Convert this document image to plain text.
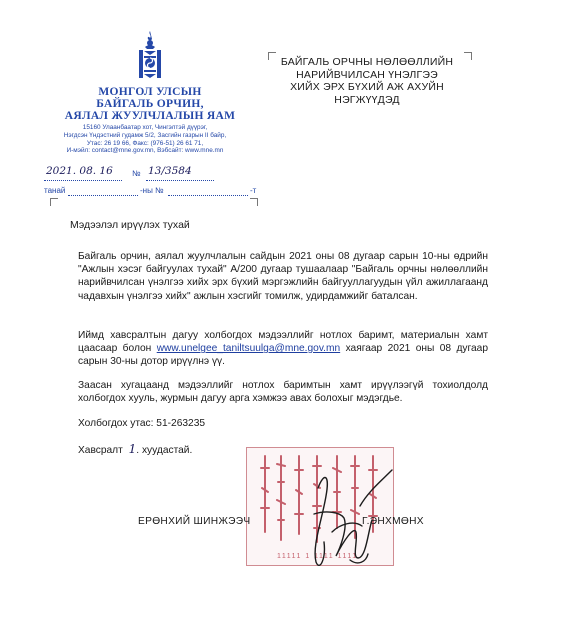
МОНГОЛ УЛСЫН
БАЙГАЛЬ ОРЧИН,
АЯЛАЛ ЖУУЛЧЛАЛЫН ЯАМ
15160 Улаанбаатар хот, Чингэлтэй дүүрэг,
Нэгдсэн Үндэстний гудамж 5/2, Засгийн газрын II байр,
Утас: 26 19 66, Факс: (976-51) 26 61 71,
И-мэйл: contact@mne.gov.mn, Вэбсайт: www.mne.mn
2021. 08. 16 № 13/3584
танай	-ны №	-т
БАЙГАЛЬ ОРЧНЫ НӨЛӨӨЛЛИЙН
НАРИЙВЧИЛСАН ҮНЭЛГЭЭ
ХИЙХ ЭРХ БҮХИЙ АЖ АХУЙН
НЭГЖҮҮДЭД
Мэдээлэл ирүүлэх тухай
Байгаль орчин, аялал жуулчлалын сайдын 2021 оны 08 дугаар сарын 10-ны өдрийн "Ажлын хэсэг байгуулах тухай" А/200 дугаар тушаалаар "Байгаль орчны нөлөөллийн нарийвчилсан үнэлгээ хийх эрх бүхий мэргэжлийн байгууллагуудын үйл ажиллагаанд чадавхын үнэлгээ хийх" ажлын хэсгийг томилж, удирдамжийг баталсан.
Иймд хавсралтын дагуу холбогдох мэдээллийг нотлох баримт, материалын хамт цаасаар болон www.unelgee_taniltsuulga@mne.gov.mn хаягаар 2021 оны 08 дугаар сарын 30-ны дотор ирүүлнэ үү.
Заасан хугацаанд мэдээллийг нотлох баримтын хамт ирүүлээгүй тохиолдолд холбогдох хууль, журмын дагуу арга хэмжээ авах болохыг мэдэгдье.
Холбогдох утас: 51-263235
Хавсралт 1. хуудастай.
11111 1 1111 1111
ЕРӨНХИЙ ШИНЖЭЭЧ	Г.ЭНХМӨНХ
